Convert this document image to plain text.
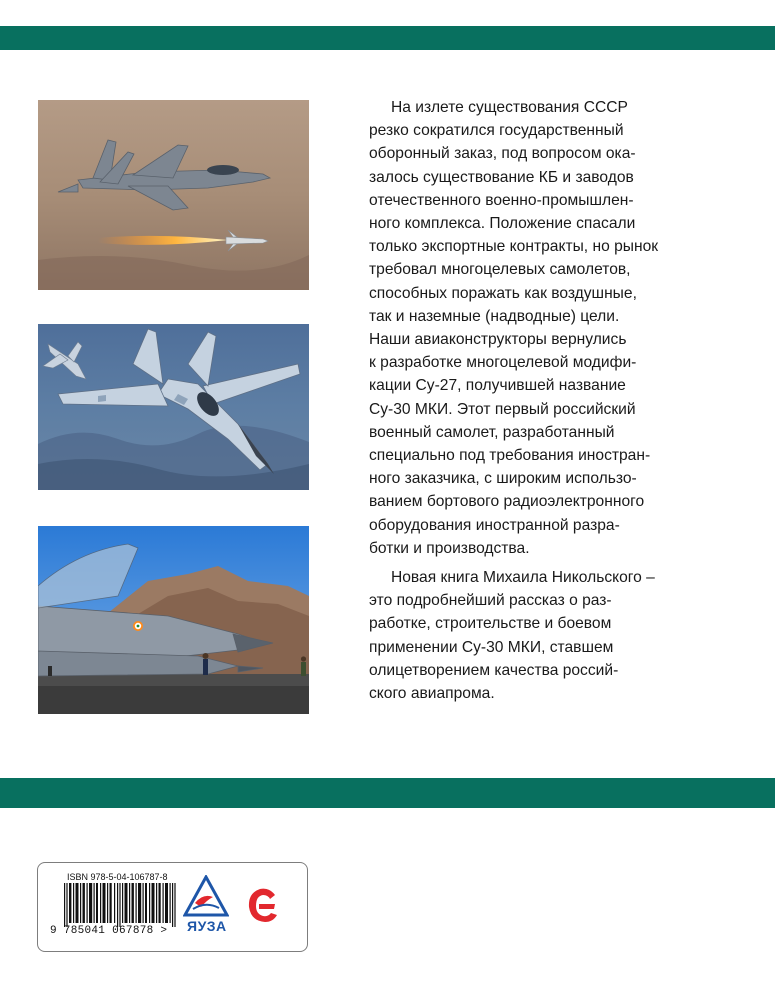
На излете существования СССР
резко сократился государственный
оборонный заказ, под вопросом ока-
залось существование КБ и заводов
отечественного военно-промышлен-
ного комплекса. Положение спасали
только экспортные контракты, но рынок
требовал многоцелевых самолетов,
способных поражать как воздушные,
так и наземные (надводные) цели.
Наши авиаконструкторы вернулись
к разработке многоцелевой модифи-
кации Су-27, получившей название
Су-30 МКИ. Этот первый российский
военный самолет, разработанный
специально под требования иностран-
ного заказчика, с широким использо-
ванием бортового радиоэлектронного
оборудования иностранной разра-
ботки и производства.

Новая книга Михаила Никольского –
это подробнейший рассказ о раз-
работке, строительстве и боевом
применении Су-30 МКИ, ставшем
олицетворением качества россий-
ского авиапрома.

ISBN 978-5-04-106787-8
9 785041 067878 > ЯУЗА
